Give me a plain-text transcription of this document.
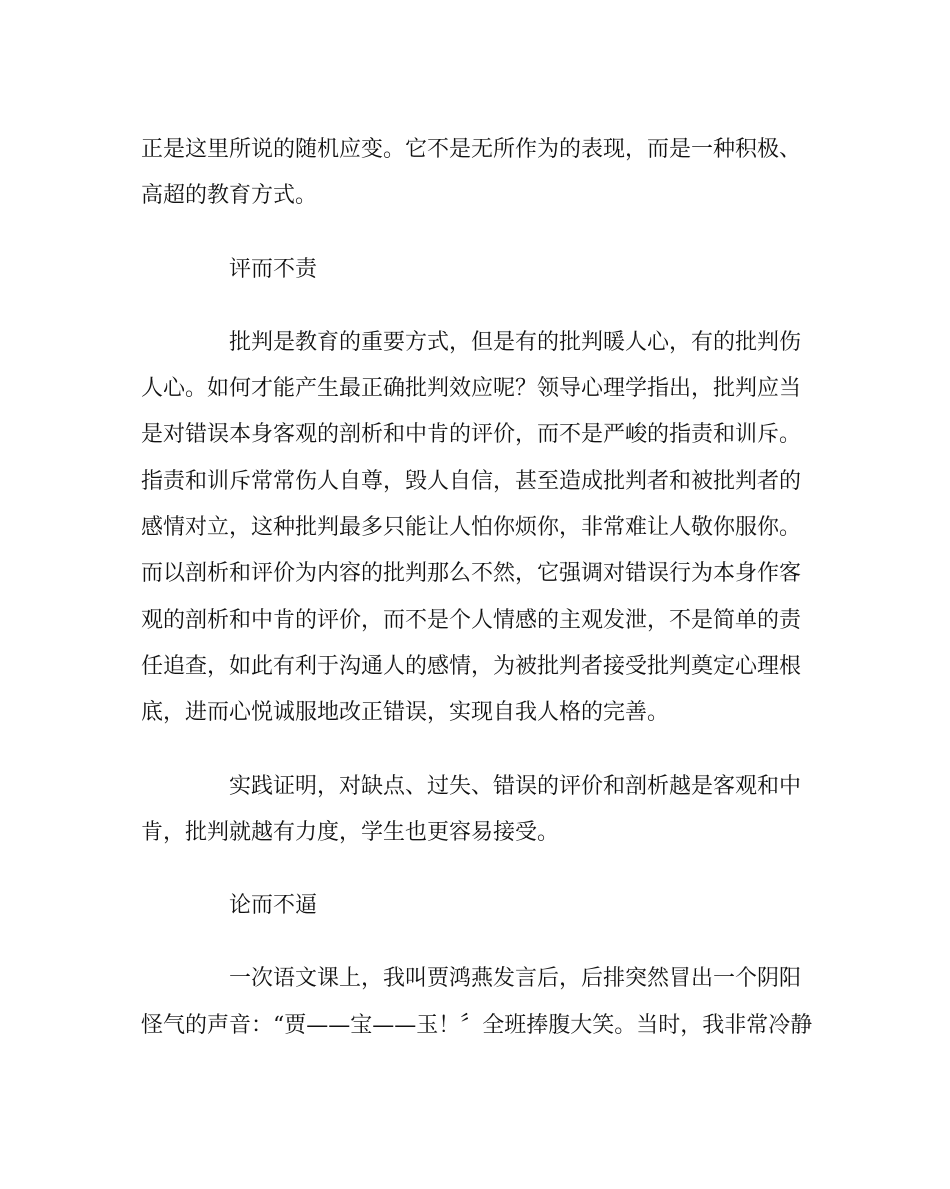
正是这里所说的随机应变。它不是无所作为的表现，而是一种积极、
高超的教育方式。
评而不责
批判是教育的重要方式，但是有的批判暖人心，有的批判伤
人心。如何才能产生最正确批判效应呢？领导心理学指出，批判应当
是对错误本身客观的剖析和中肯的评价，而不是严峻的指责和训斥。
指责和训斥常常伤人自尊，毁人自信，甚至造成批判者和被批判者的
感情对立，这种批判最多只能让人怕你烦你，非常难让人敬你服你。
而以剖析和评价为内容的批判那么不然，它强调对错误行为本身作客
观的剖析和中肯的评价，而不是个人情感的主观发泄，不是简单的责
任追查，如此有利于沟通人的感情，为被批判者接受批判奠定心理根
底，进而心悦诚服地改正错误，实现自我人格的完善。
实践证明，对缺点、过失、错误的评价和剖析越是客观和中
肯，批判就越有力度，学生也更容易接受。
论而不逼
一次语文课上，我叫贾鸿燕发言后，后排突然冒出一个阴阳
怪气的声音：“贾——宝——玉！〞全班捧腹大笑。当时，我非常冷静
